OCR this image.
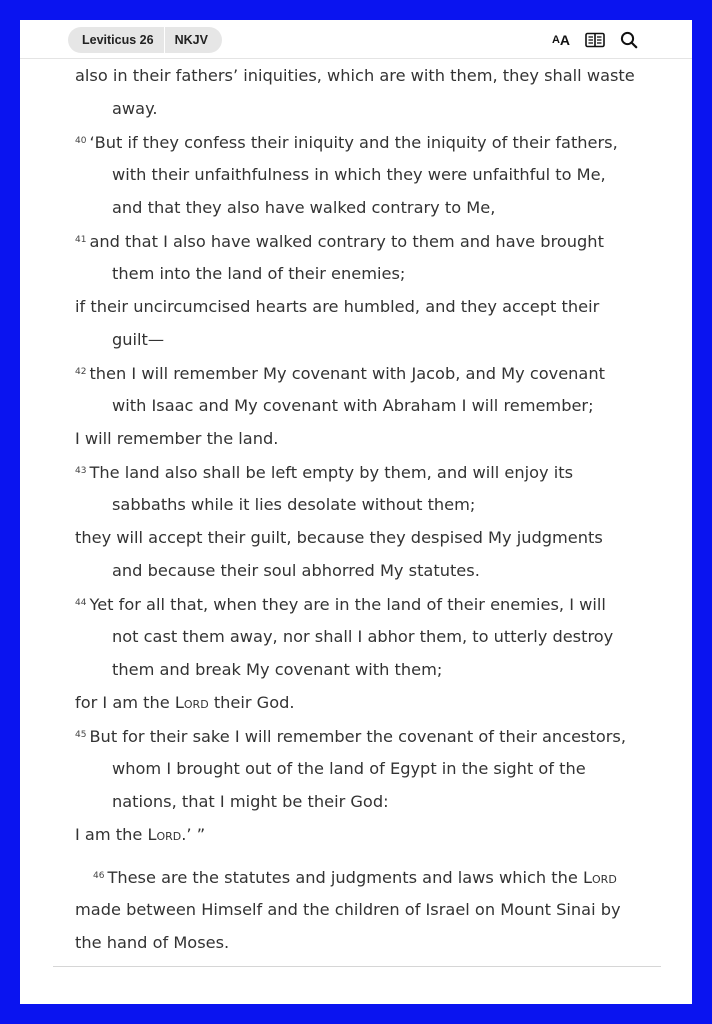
Leviticus 26	NKJV	A A
also in their fathers’ iniquities, which are with them, they shall waste
away.
$^{40}$ ‘But if they confess their iniquity and the iniquity of their fathers,
with their unfaithfulness in which they were unfaithful to Me,
and that they also have walked contrary to Me,
$^{41}$ and that I also have walked contrary to them and have brought
them into the land of their enemies;
if their uncircumcised hearts are humbled, and they accept their
guilt—
$^{42}$ then I will remember My covenant with Jacob, and My covenant
with Isaac and My covenant with Abraham I will remember;
I will remember the land.
$^{43}$ The land also shall be left empty by them, and will enjoy its
sabbaths while it lies desolate without them;
they will accept their guilt, because they despised My judgments
and because their soul abhorred My statutes.
$^{44}$ Yet for all that, when they are in the land of their enemies, I will
not cast them away, nor shall I abhor them, to utterly destroy
them and break My covenant with them;
for I am the Lord their God.
$^{45}$ But for their sake I will remember the covenant of their ancestors,
whom I brought out of the land of Egypt in the sight of the
nations, that I might be their God:
I am the Lord.’ ”
$^{46}$ These are the statutes and judgments and laws which the Lord
made between Himself and the children of Israel on Mount Sinai by
the hand of Moses.
